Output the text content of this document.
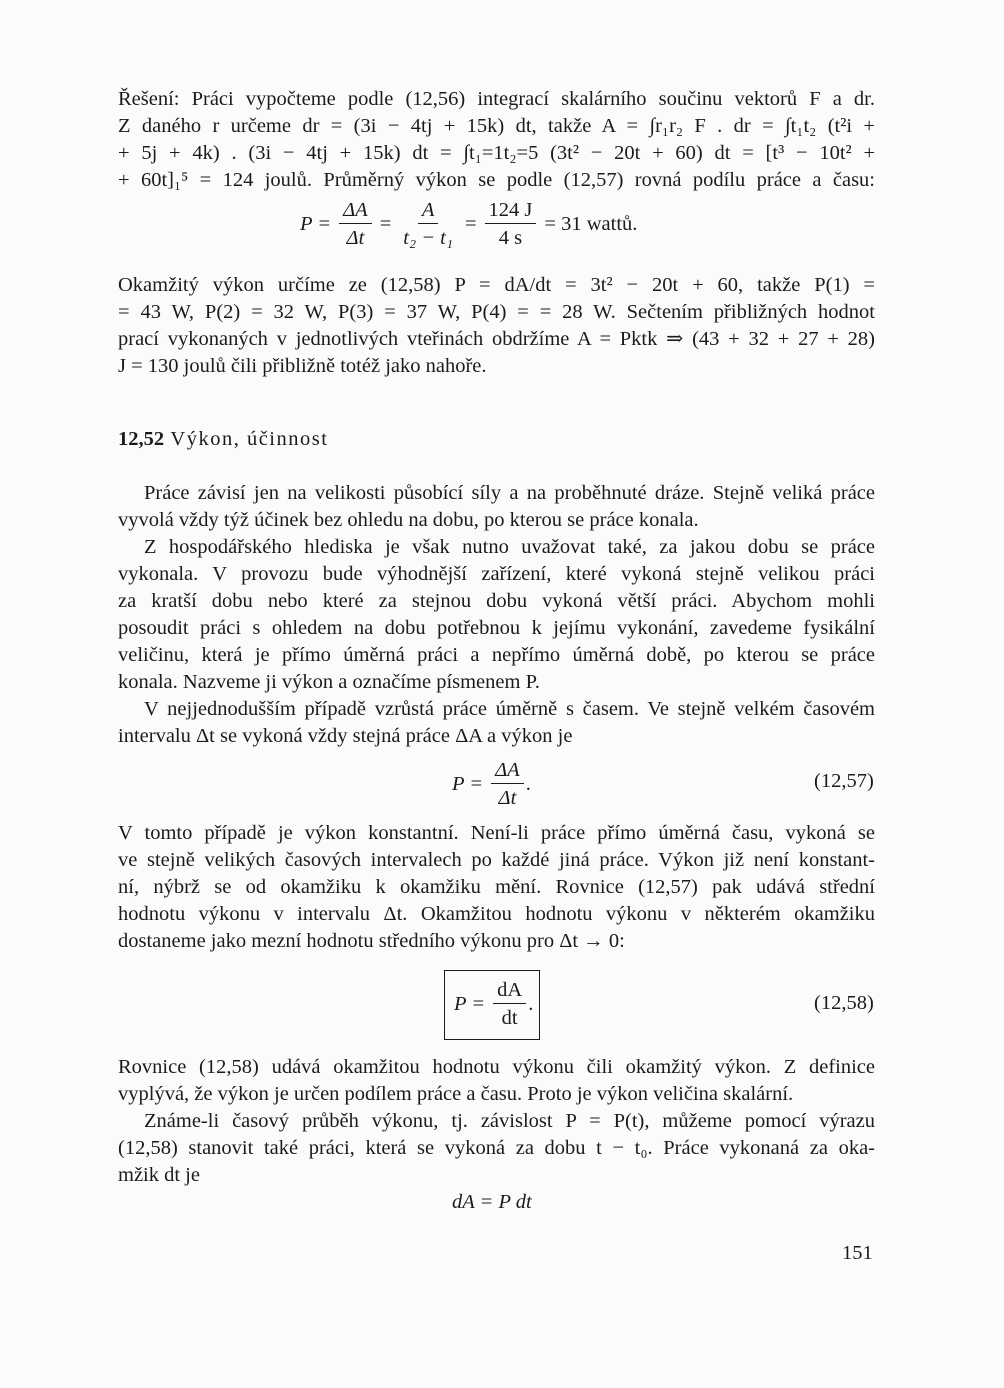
Řešení: Práci vypočteme podle (12,56) integrací skalárního součinu vektorů F a dr.
Z daného r určeme dr = (3i − 4tj + 15k) dt, takže A = ∫r₁r₂ F . dr = ∫t₁t₂ (t²i +
+ 5j + 4k) . (3i − 4tj + 15k) dt = ∫t₁=1t₂=5 (3t² − 20t + 60) dt = [t³ − 10t² +
+ 60t]₁⁵ = 124 joulů. Průměrný výkon se podle (12,57) rovná podílu práce a času:
$P = \frac{\Delta A}{\Delta t} = \frac{A}{\text{t₂ − t₁}} = \frac{124 J}{4 s} = 31$ wattů.
Okamžitý výkon určíme ze (12,58) P = dA/dt = 3t² − 20t + 60, takže P(1) =
= 43 W, P(2) = 32 W, P(3) = 37 W, P(4) = = 28 W. Sečtením přibližných hodnot
prací vykonaných v jednotlivých vteřinách obdržíme A = Pktk ⇒ (43 + 32 + 27 + 28)
J = 130 joulů čili přibližně totéž jako nahoře.
12,52 Výkon, účinnost
Práce závisí jen na velikosti působící síly a na proběhnuté dráze. Stejně veliká práce
vyvolá vždy týž účinek bez ohledu na dobu, po kterou se práce konala.
Z hospodářského hlediska je však nutno uvažovat také, za jakou dobu se práce
vykonala. V provozu bude výhodnější zařízení, které vykoná stejně velikou práci
za kratší dobu nebo které za stejnou dobu vykoná větší práci. Abychom mohli
posoudit práci s ohledem na dobu potřebnou k jejímu vykonání, zavedeme fysikální
veličinu, která je přímo úměrná práci a nepřímo úměrná době, po kterou se práce
konala. Nazveme ji výkon a označíme písmenem P.
V nejjednodušším případě vzrůstá práce úměrně s časem. Ve stejně velkém časovém
intervalu Δt se vykoná vždy stejná práce ΔA a výkon je
$P = \frac{\Delta A}{\Delta t}$ .	(12,57)
V tomto případě je výkon konstantní. Není-li práce přímo úměrná času, vykoná se
ve stejně velikých časových intervalech po každé jiná práce. Výkon již není konstant-
ní, nýbrž se od okamžiku k okamžiku mění. Rovnice (12,57) pak udává střední
hodnotu výkonu v intervalu Δt. Okamžitou hodnotu výkonu v některém okamžiku
dostaneme jako mezní hodnotu středního výkonu pro Δt → 0:
$P = \frac{dA}{dt}$ .	(12,58)
Rovnice (12,58) udává okamžitou hodnotu výkonu čili okamžitý výkon. Z definice
vyplývá, že výkon je určen podílem práce a času. Proto je výkon veličina skalární.
Známe-li časový průběh výkonu, tj. závislost P = P(t), můžeme pomocí výrazu
(12,58) stanovit také práci, která se vykoná za dobu t − t₀. Práce vykonaná za oka-
mžik dt je
dA = P dt
151
